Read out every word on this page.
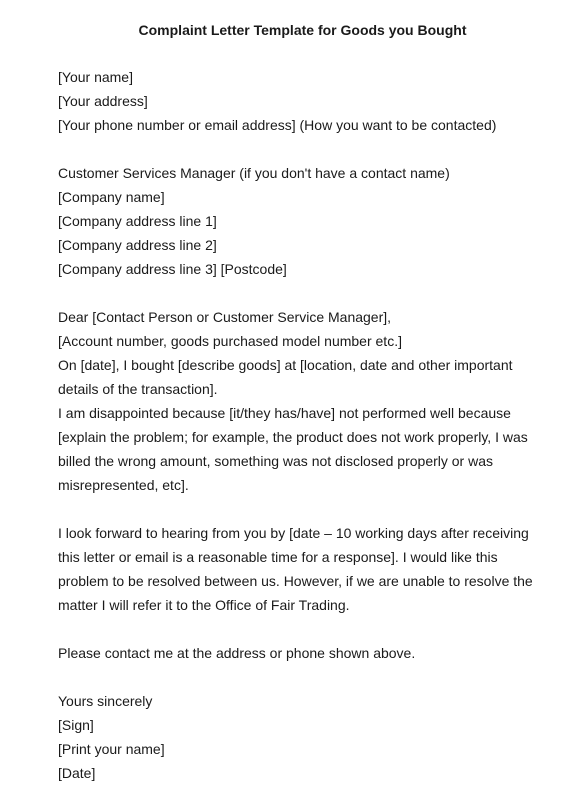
Complaint Letter Template for Goods you Bought
[Your name]
[Your address]
[Your phone number or email address] (How you want to be contacted)
Customer Services Manager (if you don't have a contact name)
[Company name]
[Company address line 1]
[Company address line 2]
[Company address line 3] [Postcode]
Dear [Contact Person or Customer Service Manager],
[Account number, goods purchased model number etc.]
On [date], I bought [describe goods] at [location, date and other important
details of the transaction].
I am disappointed because [it/they has/have] not performed well because
[explain the problem; for example, the product does not work properly, I was
billed the wrong amount, something was not disclosed properly or was
misrepresented, etc].
I look forward to hearing from you by [date – 10 working days after receiving
this letter or email is a reasonable time for a response]. I would like this
problem to be resolved between us. However, if we are unable to resolve the
matter I will refer it to the Office of Fair Trading.
Please contact me at the address or phone shown above.
Yours sincerely
[Sign]
[Print your name]
[Date]
